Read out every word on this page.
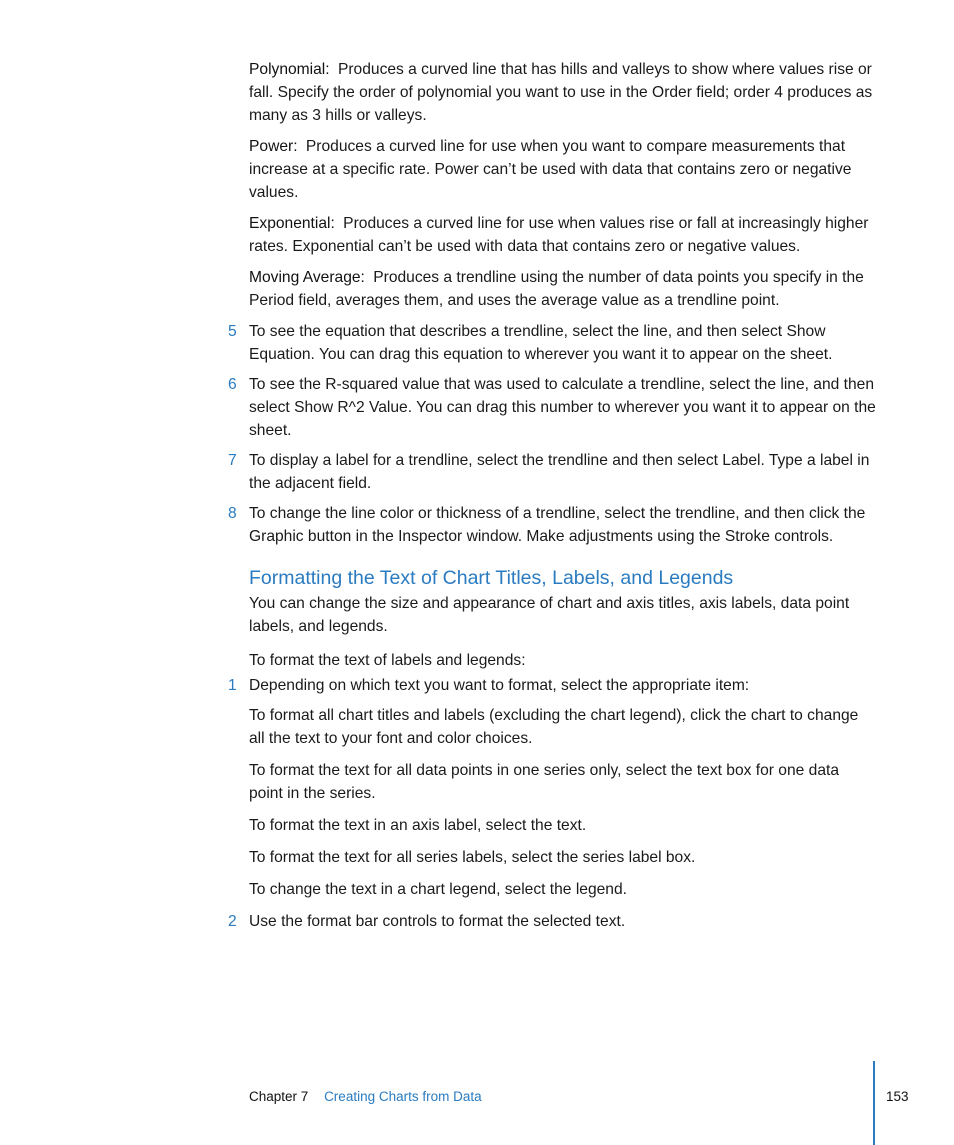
Polynomial: Produces a curved line that has hills and valleys to show where values rise or fall. Specify the order of polynomial you want to use in the Order field; order 4 produces as many as 3 hills or valleys.

Power: Produces a curved line for use when you want to compare measurements that increase at a specific rate. Power can’t be used with data that contains zero or negative values.

Exponential: Produces a curved line for use when values rise or fall at increasingly higher rates. Exponential can’t be used with data that contains zero or negative values.

Moving Average: Produces a trendline using the number of data points you specify in the Period field, averages them, and uses the average value as a trendline point.

5 To see the equation that describes a trendline, select the line, and then select Show Equation. You can drag this equation to wherever you want it to appear on the sheet.
6 To see the R-squared value that was used to calculate a trendline, select the line, and then select Show R^2 Value. You can drag this number to wherever you want it to appear on the sheet.
7 To display a label for a trendline, select the trendline and then select Label. Type a label in the adjacent field.
8 To change the line color or thickness of a trendline, select the trendline, and then click the Graphic button in the Inspector window. Make adjustments using the Stroke controls.
Formatting the Text of Chart Titles, Labels, and Legends

You can change the size and appearance of chart and axis titles, axis labels, data point labels, and legends.

To format the text of labels and legends:

1 Depending on which text you want to format, select the appropriate item:

To format all chart titles and labels (excluding the chart legend), click the chart to change all the text to your font and color choices.

To format the text for all data points in one series only, select the text box for one data point in the series.

To format the text in an axis label, select the text.

To format the text for all series labels, select the series label box.

To change the text in a chart legend, select the legend.

2 Use the format bar controls to format the selected text.
Chapter 7 Creating Charts from Data	153
